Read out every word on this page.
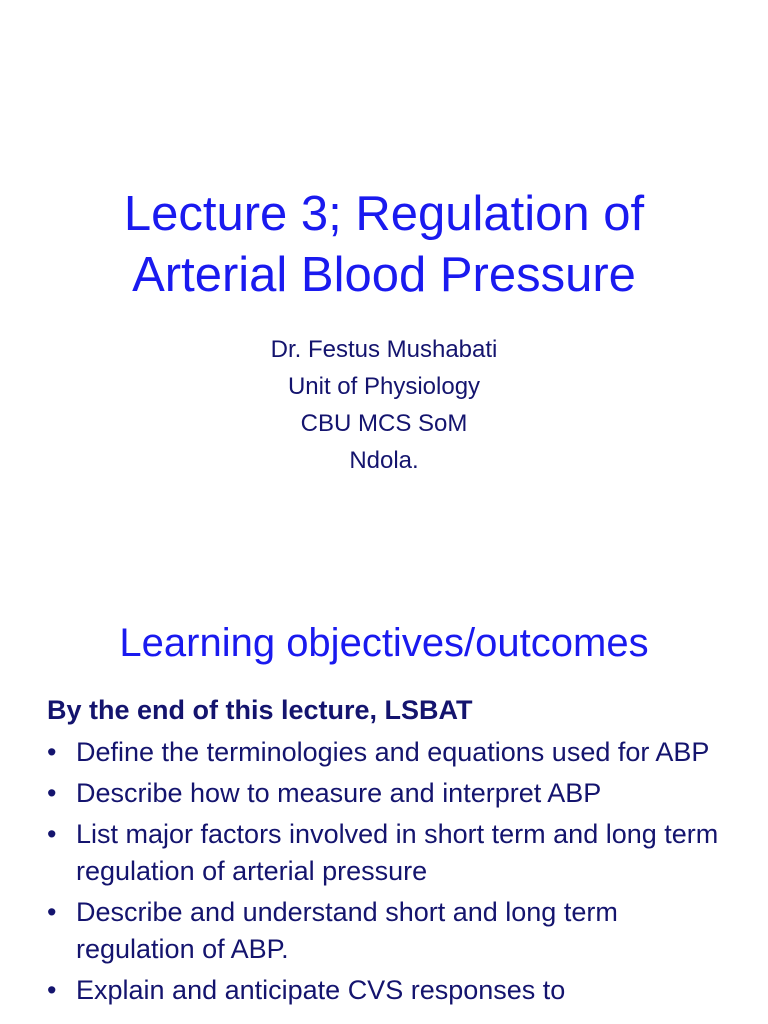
Lecture 3; Regulation of
Arterial Blood Pressure
Dr. Festus Mushabati
Unit of Physiology
CBU MCS SoM
Ndola.
Learning objectives/outcomes
By the end of this lecture, LSBAT
• Define the terminologies and equations used for ABP
• Describe how to measure and interpret ABP
• List major factors involved in short term and long term regulation of arterial pressure
• Describe and understand short and long term regulation of ABP.
• Explain and anticipate CVS responses to
